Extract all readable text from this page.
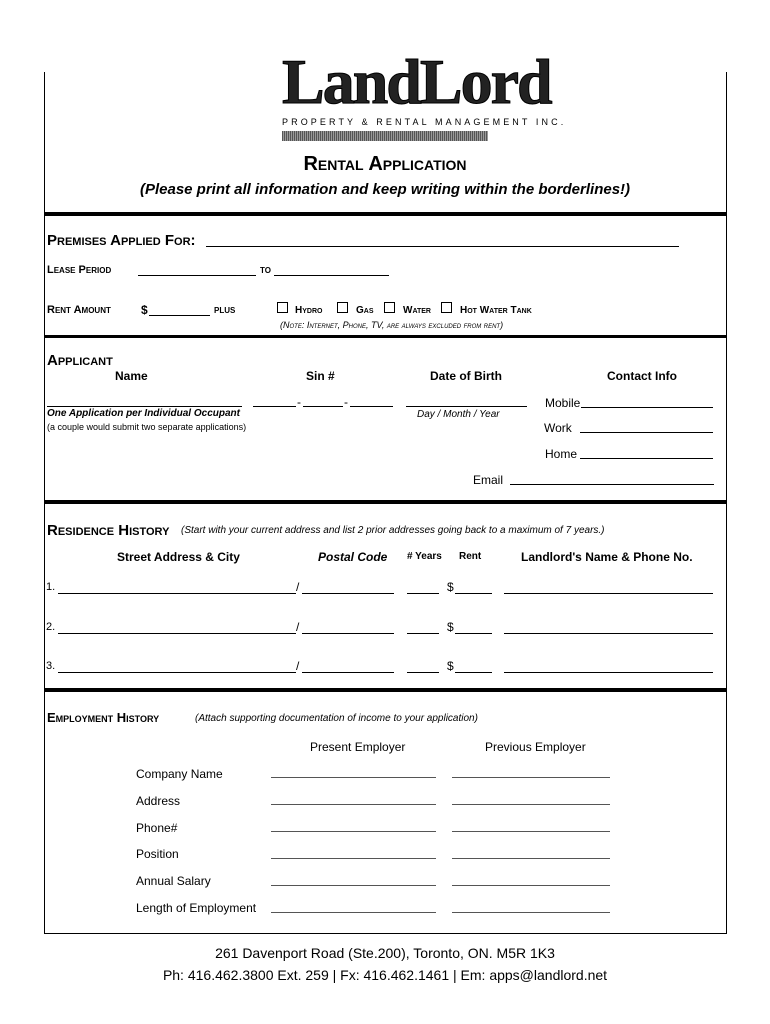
LandLord
PROPERTY & RENTAL MANAGEMENT INC.
Rental Application
(Please print all information and keep writing within the borderlines!)
Premises Applied For:
Lease Period	to
Rent Amount	$	plus	Hydro	Gas	Water	Hot Water Tank
(Note: Internet, Phone, TV, are always excluded from rent)
Applicant
Name	Sin #	Date of Birth	Contact Info
-	-
One Application per Individual Occupant
(a couple would submit two separate applications)
Day / Month / Year
Mobile
Work
Home
Email
Residence History (Start with your current address and list 2 prior addresses going back to a maximum of 7 years.)
Street Address & City	Postal Code # Years Rent	Landlord's Name & Phone No.
1.	/	$
2.	/	$
3.	/	$
Employment History	(Attach supporting documentation of income to your application)
Present Employer	Previous Employer
Company Name
Address
Phone#
Position
Annual Salary
Length of Employment
261 Davenport Road (Ste.200), Toronto, ON. M5R 1K3
Ph: 416.462.3800 Ext. 259 | Fx: 416.462.1461 | Em: apps@landlord.net
